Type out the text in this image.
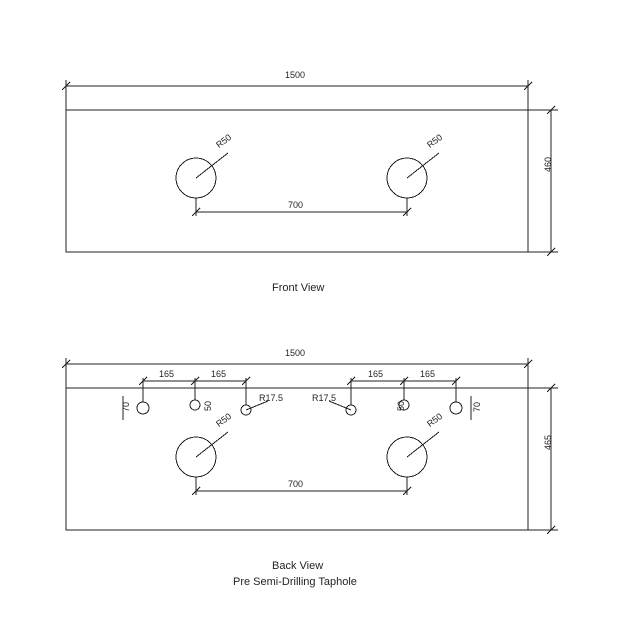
1500
460
R50	R50
700
Front View
1500
465
165	165	165	165
70	70
50	50
R17.5	R17.5
R50	R50
700
Back View
Pre Semi-Drilling Taphole
